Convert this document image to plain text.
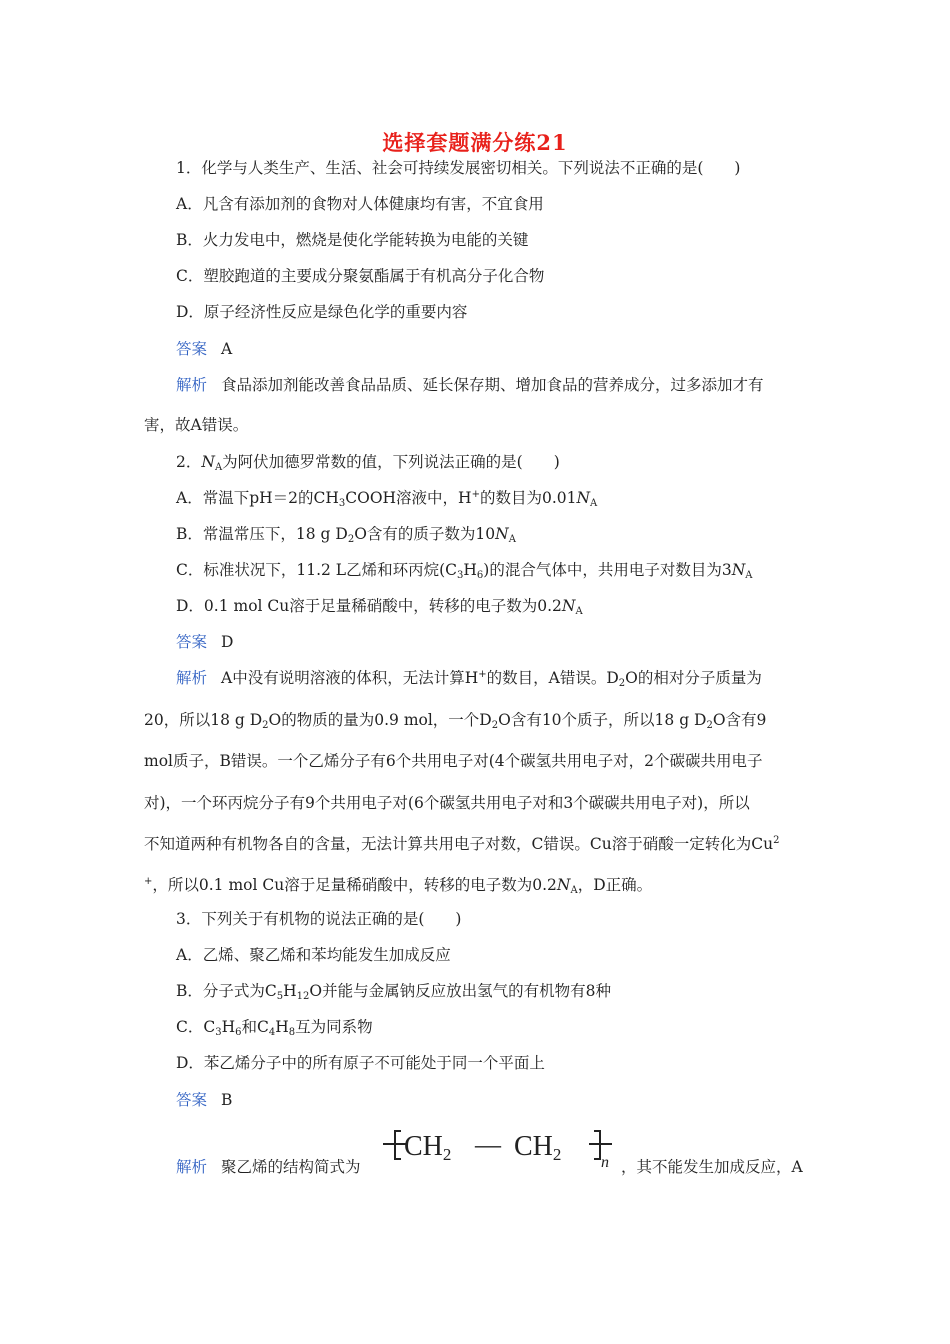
选择套题满分练21
1．化学与人类生产、生活、社会可持续发展密切相关。下列说法不正确的是(　　)
A．凡含有添加剂的食物对人体健康均有害，不宜食用
B．火力发电中，燃烧是使化学能转换为电能的关键
C．塑胶跑道的主要成分聚氨酯属于有机高分子化合物
D．原子经济性反应是绿色化学的重要内容
答案 A
解析 食品添加剂能改善食品品质、延长保存期、增加食品的营养成分，过多添加才有
害，故A错误。
2．$N_A$为阿伏加德罗常数的值，下列说法正确的是(　　)
A．常温下pH＝2的$CH_3COOH$溶液中，H+的数目为$0.01N_A$
B．常温常压下，18 g $D_2O$含有的质子数为$10N_A$
C．标准状况下，11.2 L乙烯和环丙烷$(C_3H_6)$的混合气体中，共用电子对数目为$3N_A$
D．0.1 mol Cu溶于足量稀硝酸中，转移的电子数为$0.2N_A$
答案 D
解析 A中没有说明溶液的体积，无法计算H+的数目，A错误。$D_2O$的相对分子质量为
20，所以18 g $D_2O$的物质的量为0.9 mol，一个$D_2O$含有10个质子，所以18 g $D_2O$含有9
mol质子，B错误。一个乙烯分子有6个共用电子对(4个碳氢共用电子对，2个碳碳共用电子
对)，一个环丙烷分子有9个共用电子对(6个碳氢共用电子对和3个碳碳共用电子对)，所以
不知道两种有机物各自的含量，无法计算共用电子对数，C错误。Cu溶于硝酸一定转化为Cu$^2$
+，所以0.1 mol Cu溶于足量稀硝酸中，转移的电子数为$0.2N_A$，D正确。
3．下列关于有机物的说法正确的是(　　)
A．乙烯、聚乙烯和苯均能发生加成反应
B．分子式为$C_5H_{12}O$并能与金属钠反应放出氢气的有机物有8种
C．$C_3H_6$和$C_4H_8$互为同系物
D．苯乙烯分子中的所有原子不可能处于同一个平面上
答案 B
解析 聚乙烯的结构简式为	，其不能发生加成反应，A
CH2 — CH2 n
